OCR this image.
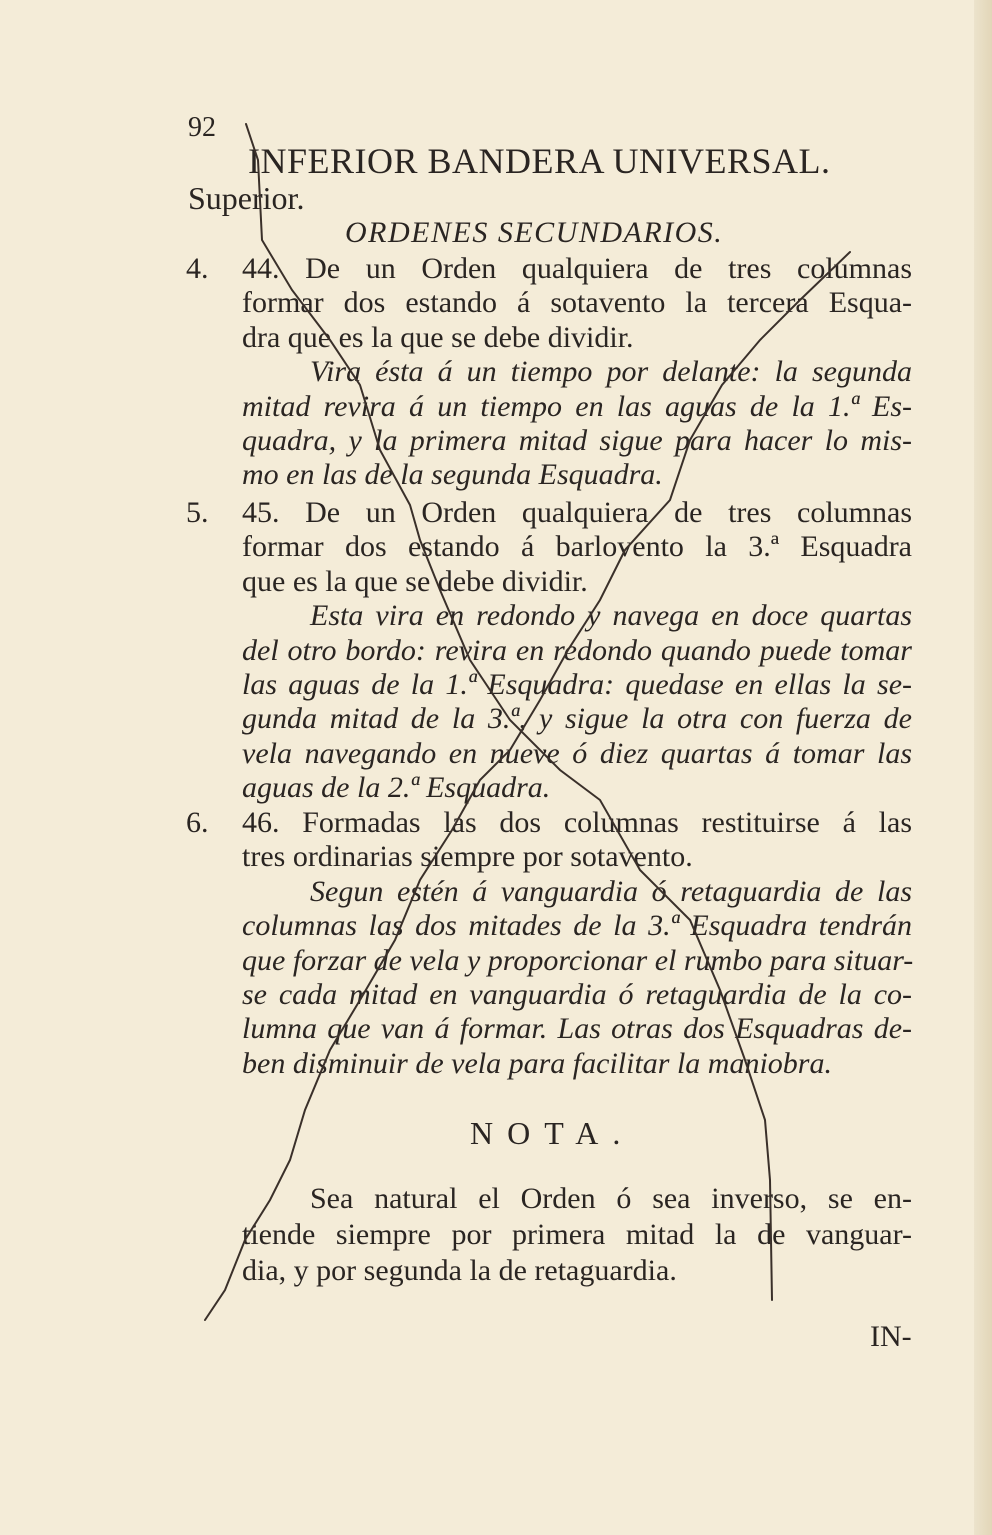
92
INFERIOR BANDERA UNIVERSAL.
Superior.
ORDENES SECUNDARIOS.
4. 44. De un Orden qualquiera de tres columnas
formar dos estando á sotavento la tercera Esqua-
dra que es la que se debe dividir.
Vira ésta á un tiempo por delante: la segunda
mitad revira á un tiempo en las aguas de la 1.ª Es-
quadra, y la primera mitad sigue para hacer lo mis-
mo en las de la segunda Esquadra.
5. 45. De un Orden qualquiera de tres columnas
formar dos estando á barlovento la 3.ª Esquadra
que es la que se debe dividir.
Esta vira en redondo y navega en doce quartas
del otro bordo: revira en redondo quando puede tomar
las aguas de la 1.ª Esquadra: quedase en ellas la se-
gunda mitad de la 3.ª, y sigue la otra con fuerza de
vela navegando en nueve ó diez quartas á tomar las
aguas de la 2.ª Esquadra.
6. 46. Formadas las dos columnas restituirse á las
tres ordinarias siempre por sotavento.
Segun estén á vanguardia ó retaguardia de las
columnas las dos mitades de la 3.ª Esquadra tendrán
que forzar de vela y proporcionar el rumbo para situar-
se cada mitad en vanguardia ó retaguardia de la co-
lumna que van á formar. Las otras dos Esquadras de-
ben disminuir de vela para facilitar la maniobra.
NOTA.
Sea natural el Orden ó sea inverso, se en-
tiende siempre por primera mitad la de vanguar-
dia, y por segunda la de retaguardia.
IN-
